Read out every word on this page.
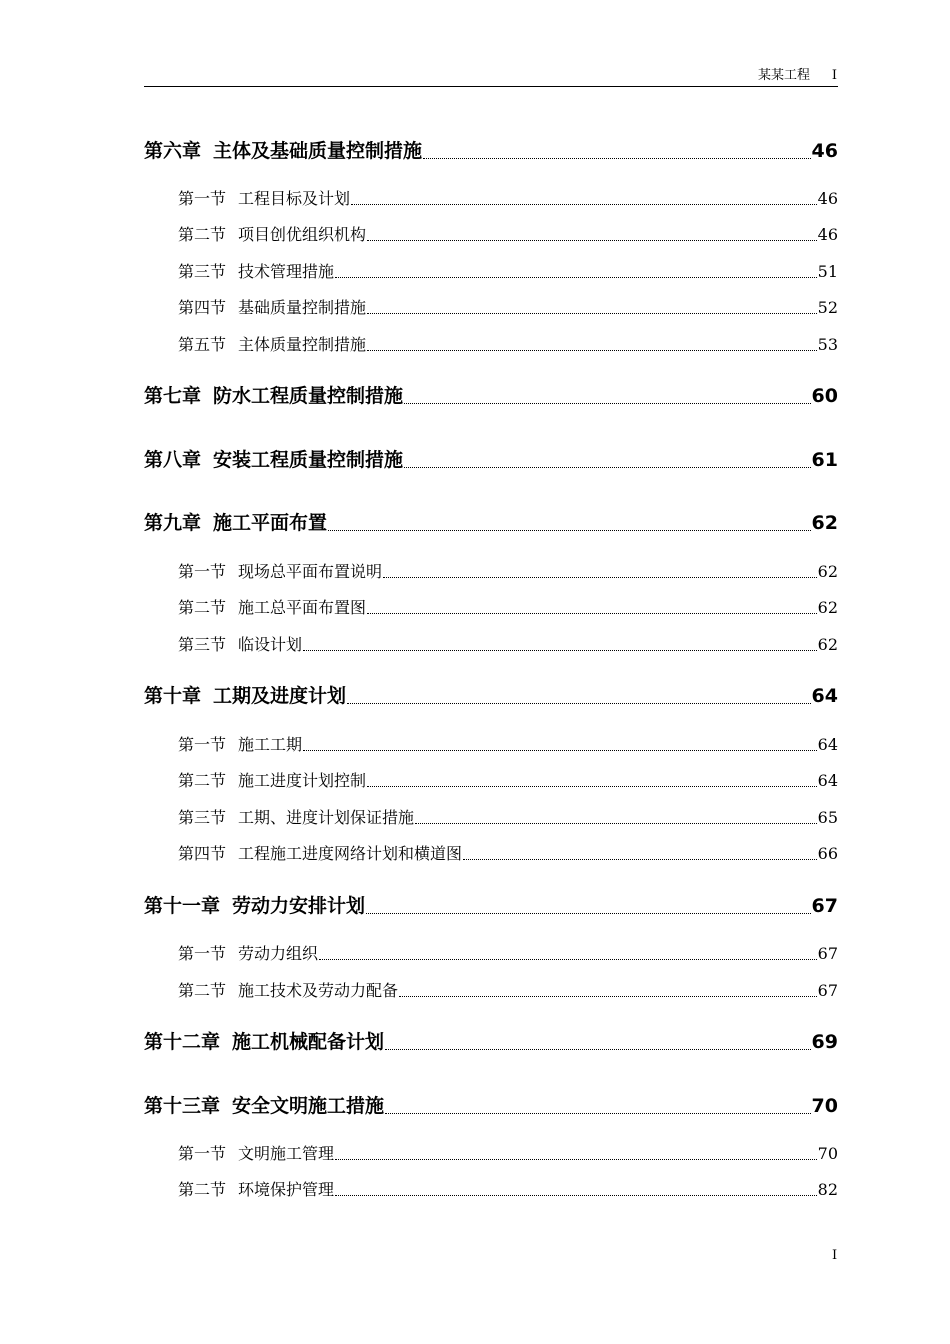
某某工程 I
第六章 主体及基础质量控制措施	46
第一节 工程目标及计划	46
第二节 项目创优组织机构	46
第三节 技术管理措施	51
第四节 基础质量控制措施	52
第五节 主体质量控制措施	53
第七章 防水工程质量控制措施	60
第八章 安装工程质量控制措施	61
第九章 施工平面布置	62
第一节 现场总平面布置说明	62
第二节 施工总平面布置图	62
第三节 临设计划	62
第十章 工期及进度计划	64
第一节 施工工期	64
第二节 施工进度计划控制	64
第三节 工期、进度计划保证措施	65
第四节 工程施工进度网络计划和横道图	66
第十一章 劳动力安排计划	67
第一节 劳动力组织	67
第二节 施工技术及劳动力配备	67
第十二章 施工机械配备计划	69
第十三章 安全文明施工措施	70
第一节 文明施工管理	70
第二节 环境保护管理	82
I
